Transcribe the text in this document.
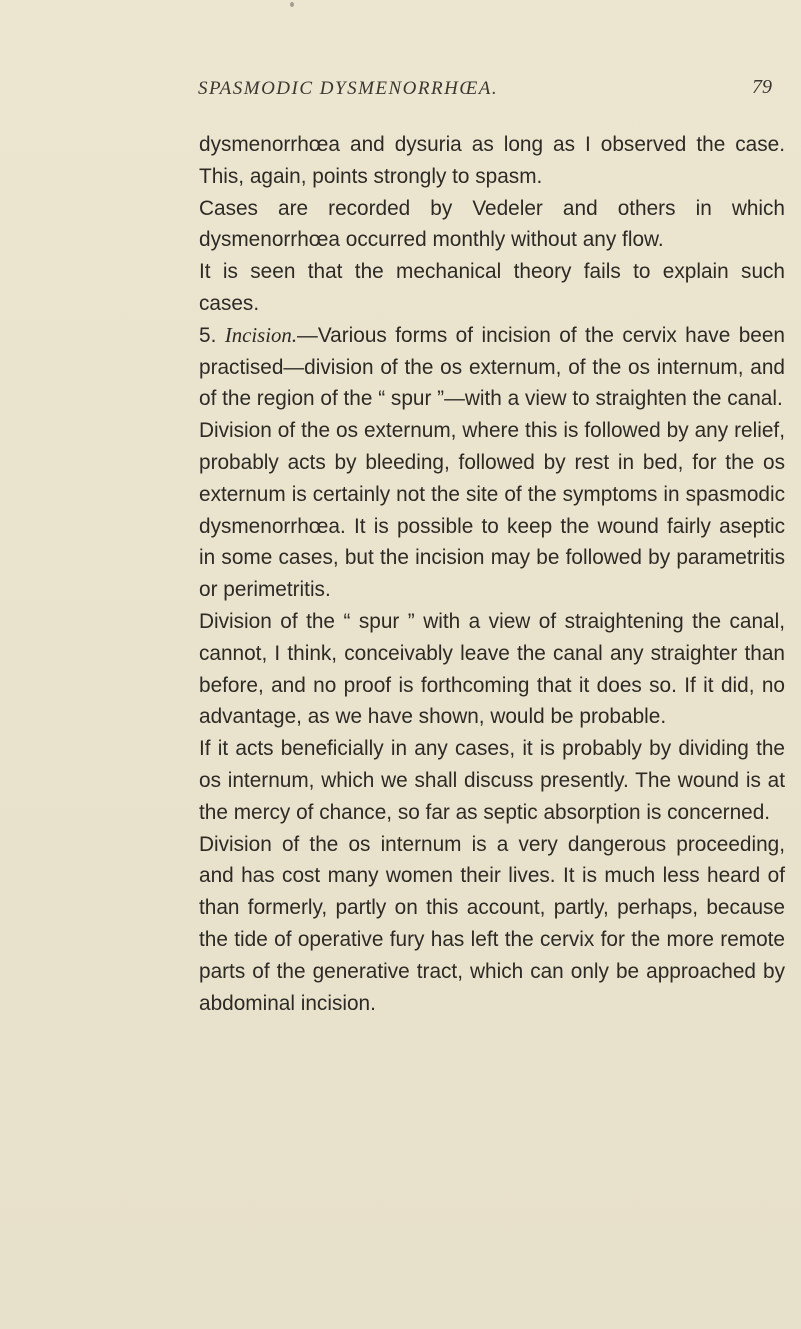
SPASMODIC DYSMENORRHŒA.	79

dysmenorrhœa and dysuria as long as I observed the case. This, again, points strongly to spasm.

Cases are recorded by Vedeler and others in which dysmenorrhœa occurred monthly without any flow.

It is seen that the mechanical theory fails to explain such cases.

5. Incision.—Various forms of incision of the cervix have been practised—division of the os externum, of the os internum, and of the region of the “ spur ”—with a view to straighten the canal.

Division of the os externum, where this is followed by any relief, probably acts by bleeding, followed by rest in bed, for the os externum is certainly not the site of the symptoms in spasmodic dysmenorrhœa. It is possible to keep the wound fairly aseptic in some cases, but the incision may be followed by parametritis or perimetritis.

Division of the “ spur ” with a view of straightening the canal, cannot, I think, conceivably leave the canal any straighter than before, and no proof is forthcoming that it does so. If it did, no advantage, as we have shown, would be probable.

If it acts beneficially in any cases, it is probably by dividing the os internum, which we shall discuss presently. The wound is at the mercy of chance, so far as septic absorption is concerned.

Division of the os internum is a very dangerous proceeding, and has cost many women their lives. It is much less heard of than formerly, partly on this account, partly, perhaps, because the tide of operative fury has left the cervix for the more remote parts of the generative tract, which can only be approached by abdominal incision.
